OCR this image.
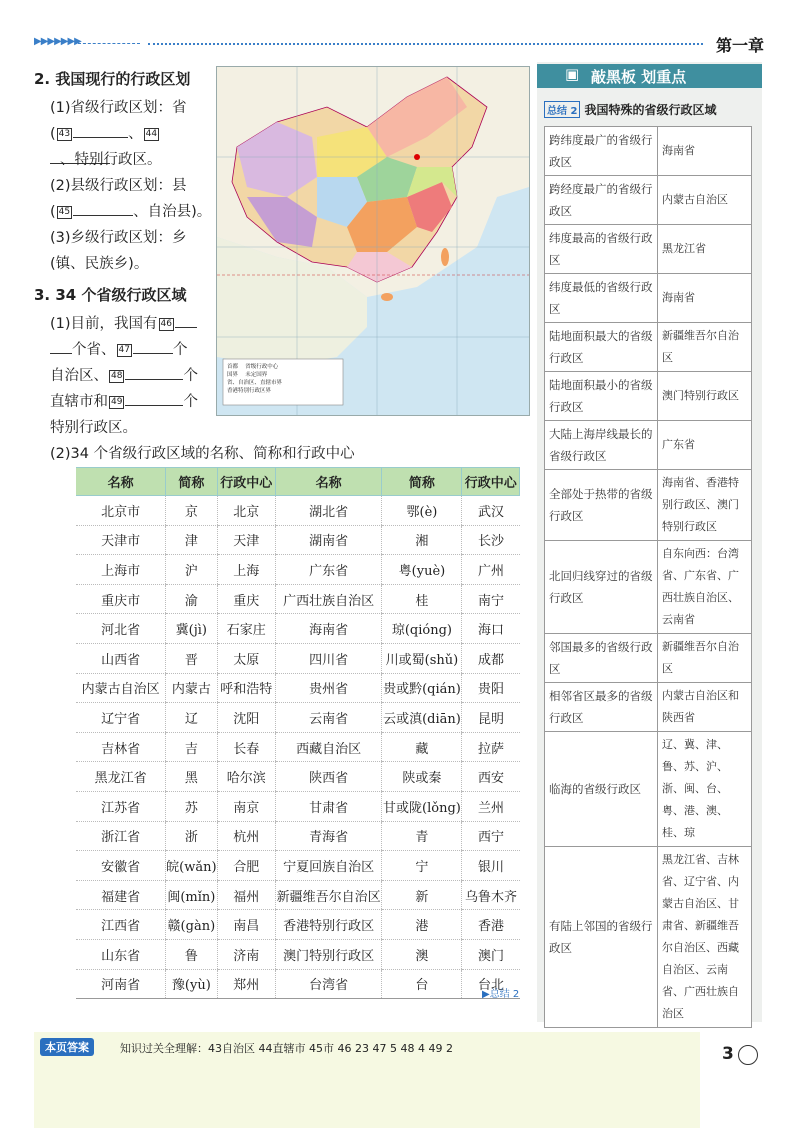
▶▶▶▶▶▶▶	第一章
2. 我国现行的行政区划
(1)省级行政区划：省
( 43	、 44
、特别行政区。
(2)县级行政区划：县
( 45	、自治县)。
(3)乡级行政区划：乡
(镇、民族乡)。
3. 34 个省级行政区域
(1)目前，我国有 46
个省、 47	个
自治区、 48	个
直辖市和 49	个
特别行政区。
(2)34 个省级行政区域的名称、简称和行政中心
首都　 省级行政中心
国界　 未定国界
省、自治区、直辖市界
香港特别行政区界
名称	简称	行政中心	名称	简称	行政中心
北京市	京	北京	湖北省	鄂(è)	武汉
天津市	津	天津	湖南省	湘	长沙
上海市	沪	上海	广东省	粤(yuè)	广州
重庆市	渝	重庆	广西壮族自治区	桂	南宁
河北省	冀(jì)	石家庄	海南省	琼(qióng)	海口
山西省	晋	太原	四川省	川或蜀(shǔ)	成都
内蒙古自治区	内蒙古	呼和浩特	贵州省	贵或黔(qián)	贵阳
辽宁省	辽	沈阳	云南省	云或滇(diān)	昆明
吉林省	吉	长春	西藏自治区	藏	拉萨
黑龙江省	黑	哈尔滨	陕西省	陕或秦	西安
江苏省	苏	南京	甘肃省	甘或陇(lǒng)	兰州
浙江省	浙	杭州	青海省	青	西宁
安徽省	皖(wǎn)	合肥	宁夏回族自治区	宁	银川
福建省	闽(mǐn)	福州	新疆维吾尔自治区	新	乌鲁木齐
江西省	赣(gàn)	南昌	香港特别行政区	港	香港
山东省	鲁	济南	澳门特别行政区	澳	澳门
河南省	豫(yù)	郑州	台湾省	台	台北
▶总结 2
▣ 敲黑板 划重点
总结 2 我国特殊的省级行政区域
跨纬度最广的省级行政区	海南省
跨经度最广的省级行政区	内蒙古自治区
纬度最高的省级行政区	黑龙江省
纬度最低的省级行政区	海南省
陆地面积最大的省级行政区	新疆维吾尔自治区
陆地面积最小的省级行政区	澳门特别行政区
大陆上海岸线最长的省级行政区	广东省
全部处于热带的省级行政区	海南省、香港特别行政区、澳门特别行政区
北回归线穿过的省级行政区	自东向西：台湾省、广东省、广西壮族自治区、云南省
邻国最多的省级行政区	新疆维吾尔自治区
相邻省区最多的省级行政区	内蒙古自治区和陕西省
临海的省级行政区	辽、冀、津、鲁、苏、沪、浙、闽、台、粤、港、澳、桂、琼
有陆上邻国的省级行政区	黑龙江省、吉林省、辽宁省、内蒙古自治区、甘肃省、新疆维吾尔自治区、西藏自治区、云南省、广西壮族自治区
本页答案	知识过关全理解：43自治区 44直辖市 45市 46 23 47 5 48 4 49 2	3
